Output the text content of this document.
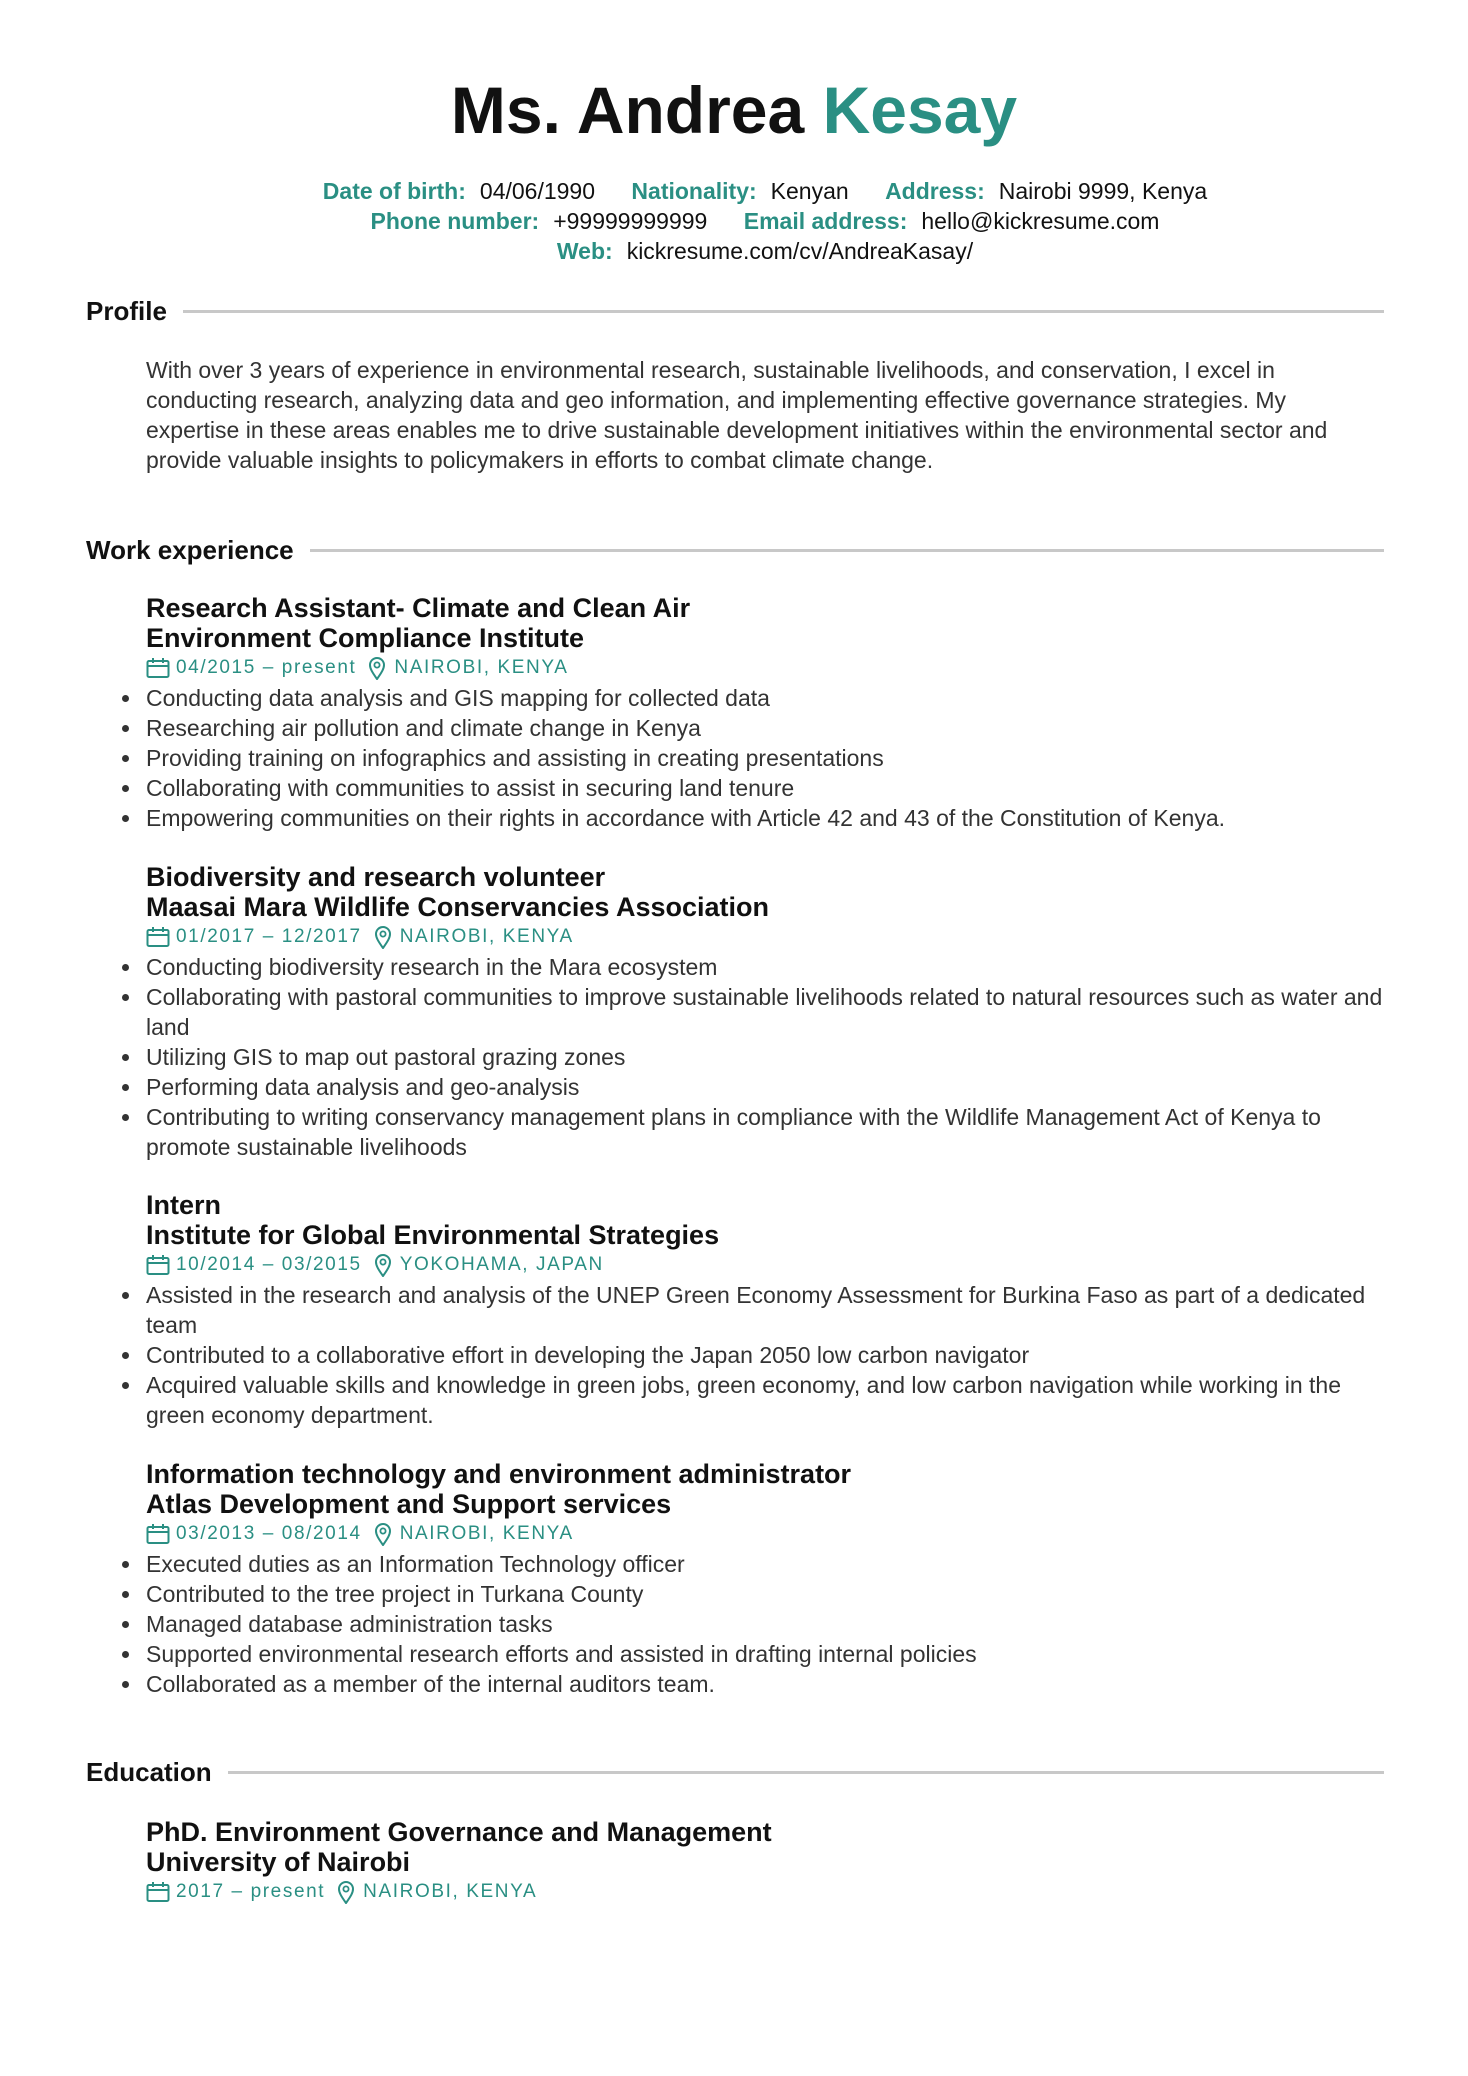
Ms. Andrea Kesay
Date of birth: 04/06/1990 Nationality: Kenyan Address: Nairobi 9999, Kenya
Phone number: +99999999999 Email address: hello@kickresume.com
Web: kickresume.com/cv/AndreaKasay/
Profile
With over 3 years of experience in environmental research, sustainable livelihoods, and conservation, I excel in conducting research, analyzing data and geo information, and implementing effective governance strategies. My expertise in these areas enables me to drive sustainable development initiatives within the environmental sector and provide valuable insights to policymakers in efforts to combat climate change.
Work experience
Research Assistant- Climate and Clean Air
Environment Compliance Institute
04/2015 – present NAIROBI, KENYA
Conducting data analysis and GIS mapping for collected data
Researching air pollution and climate change in Kenya
Providing training on infographics and assisting in creating presentations
Collaborating with communities to assist in securing land tenure
Empowering communities on their rights in accordance with Article 42 and 43 of the Constitution of Kenya.
Biodiversity and research volunteer
Maasai Mara Wildlife Conservancies Association
01/2017 – 12/2017 NAIROBI, KENYA
Conducting biodiversity research in the Mara ecosystem
Collaborating with pastoral communities to improve sustainable livelihoods related to natural resources such as water and land
Utilizing GIS to map out pastoral grazing zones
Performing data analysis and geo-analysis
Contributing to writing conservancy management plans in compliance with the Wildlife Management Act of Kenya to promote sustainable livelihoods
Intern
Institute for Global Environmental Strategies
10/2014 – 03/2015 YOKOHAMA, JAPAN
Assisted in the research and analysis of the UNEP Green Economy Assessment for Burkina Faso as part of a dedicated team
Contributed to a collaborative effort in developing the Japan 2050 low carbon navigator
Acquired valuable skills and knowledge in green jobs, green economy, and low carbon navigation while working in the green economy department.
Information technology and environment administrator
Atlas Development and Support services
03/2013 – 08/2014 NAIROBI, KENYA
Executed duties as an Information Technology officer
Contributed to the tree project in Turkana County
Managed database administration tasks
Supported environmental research efforts and assisted in drafting internal policies
Collaborated as a member of the internal auditors team.
Education
PhD. Environment Governance and Management
University of Nairobi
2017 – present NAIROBI, KENYA
